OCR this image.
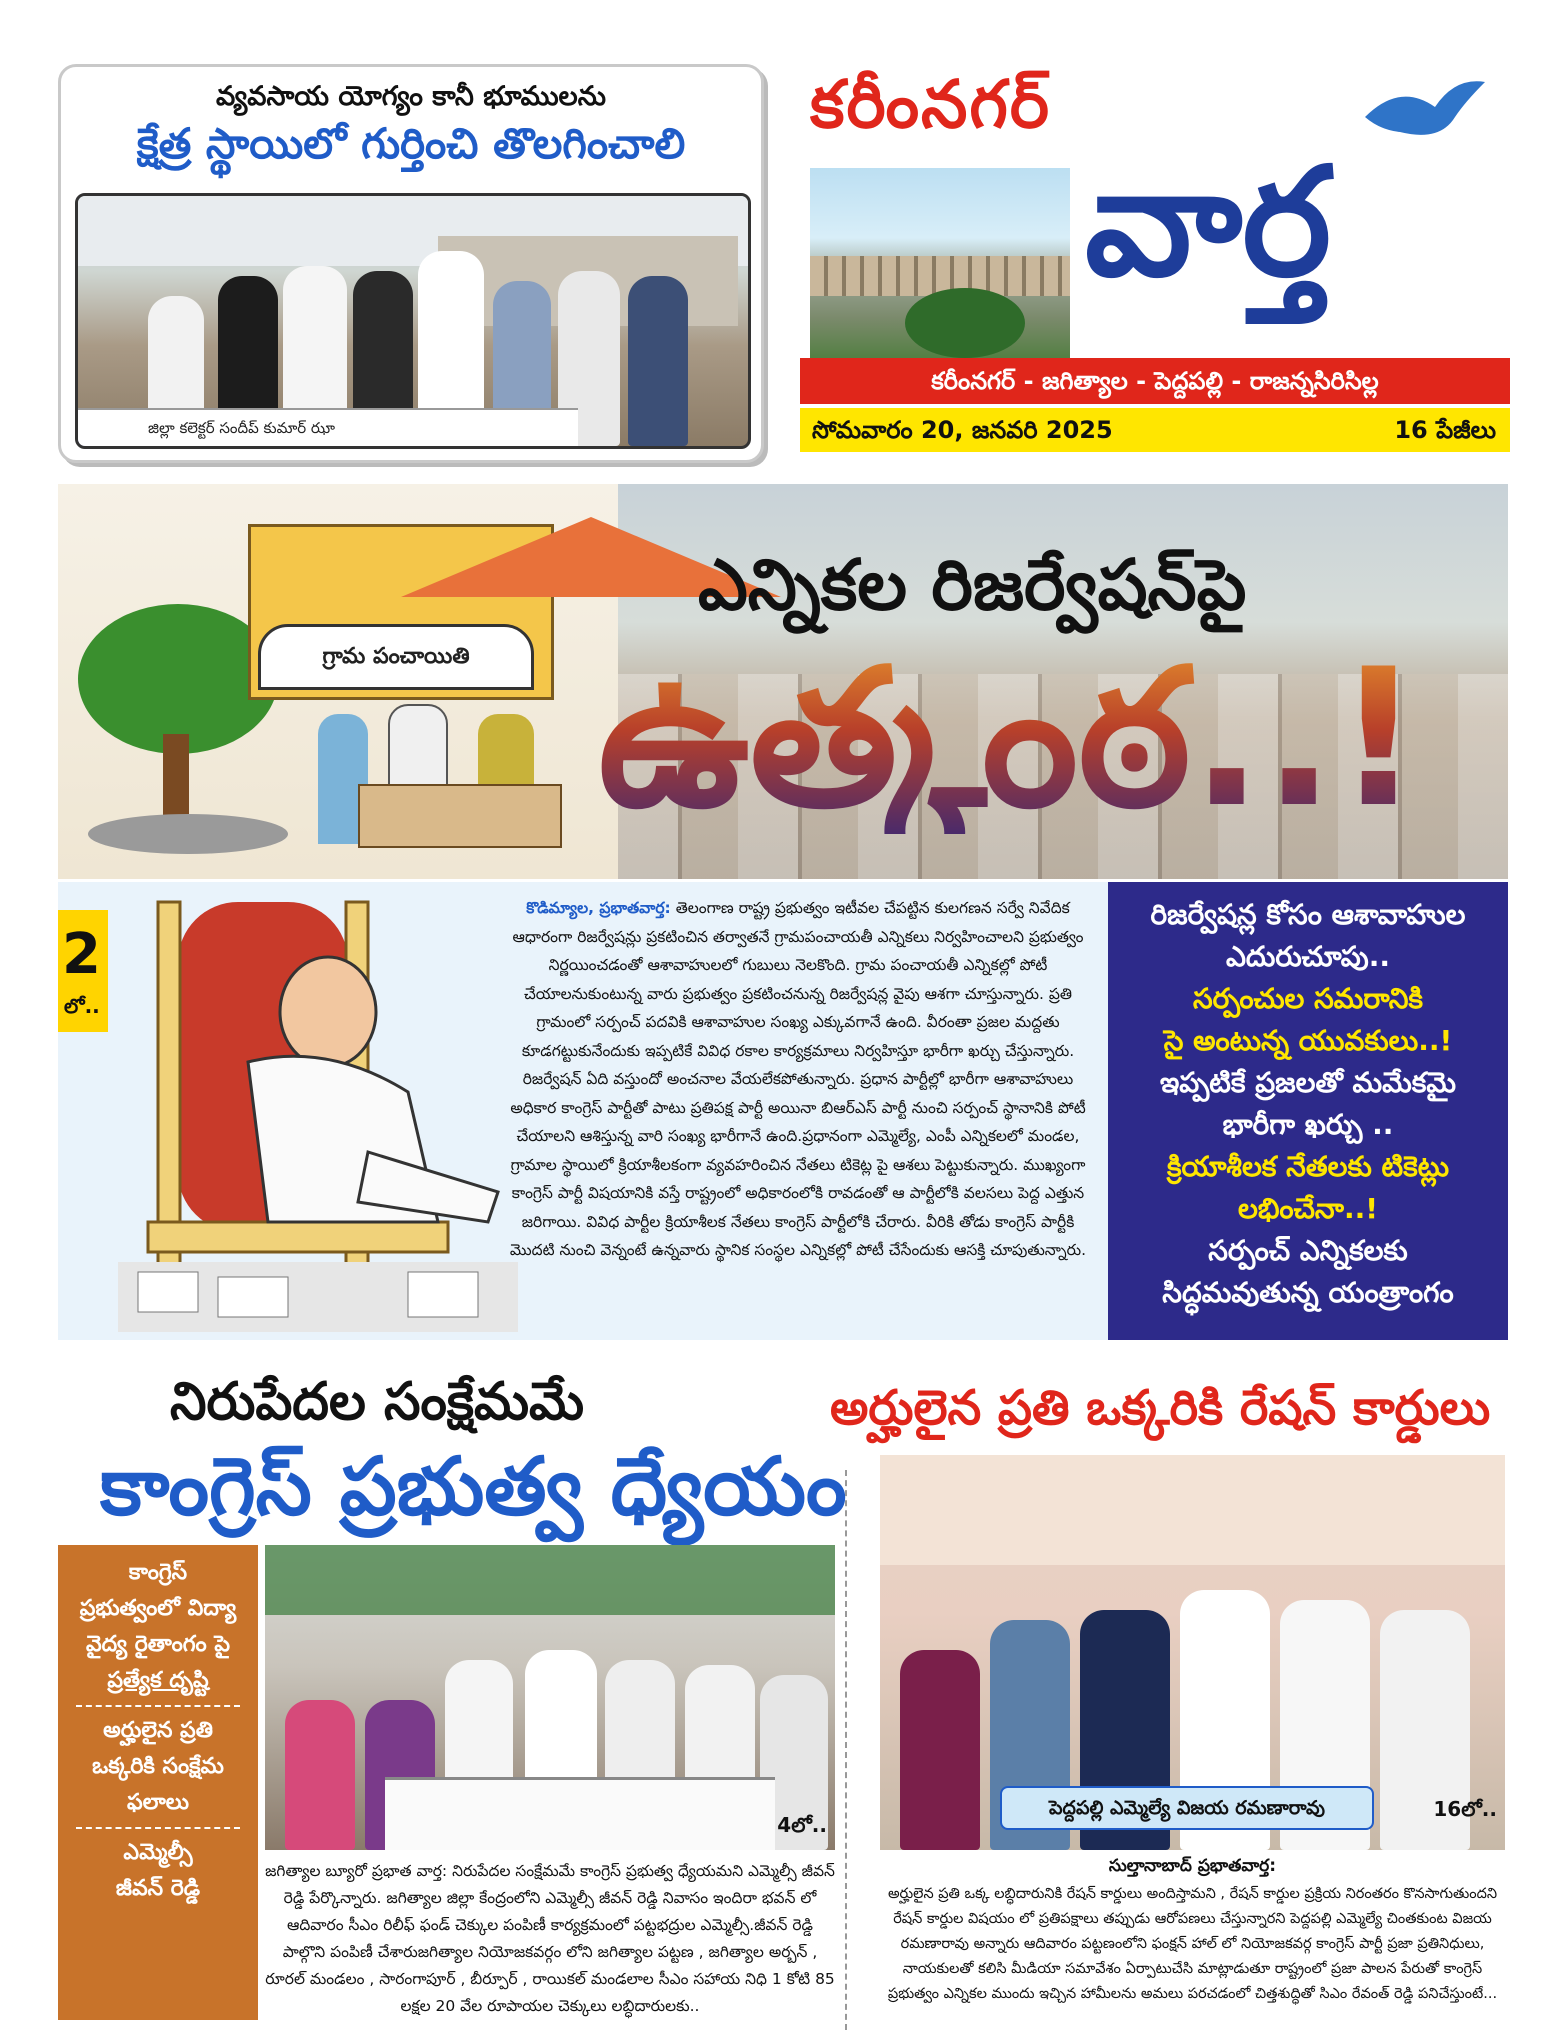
వ్యవసాయ యోగ్యం కానీ భూములను
క్షేత్ర స్థాయిలో గుర్తించి తొలగించాలి
జిల్లా కలెక్టర్ సందీప్ కుమార్ ఝా
కరీంనగర్
వార్త
కరీంనగర్ - జగిత్యాల - పెద్దపల్లి - రాజన్నసిరిసిల్ల
సోమవారం 20, జనవరి 2025	16 పేజీలు
గ్రామ పంచాయితి
ఎన్నికల రిజర్వేషన్‌పై
ఉత్కంఠ..!
2
లో..
కొడిమ్యాల, ప్రభాతవార్త: తెలంగాణ రాష్ట్ర ప్రభుత్వం ఇటీవల చేపట్టిన కులగణన సర్వే నివేదిక ఆధారంగా రిజర్వేషన్లు ప్రకటించిన తర్వాతనే గ్రామపంచాయతీ ఎన్నికలు నిర్వహించాలని ప్రభుత్వం నిర్ణయించడంతో ఆశావాహులలో గుబులు నెలకొంది. గ్రామ పంచాయతీ ఎన్నికల్లో పోటీ చేయాలనుకుంటున్న వారు ప్రభుత్వం ప్రకటించనున్న రిజర్వేషన్ల వైపు ఆశగా చూస్తున్నారు. ప్రతి గ్రామంలో సర్పంచ్ పదవికి ఆశావాహుల సంఖ్య ఎక్కువగానే ఉంది. వీరంతా ప్రజల మద్దతు కూడగట్టుకునేందుకు ఇప్పటికే వివిధ రకాల కార్యక్రమాలు నిర్వహిస్తూ భారీగా ఖర్చు చేస్తున్నారు. రిజర్వేషన్ ఏది వస్తుందో అంచనాల వేయలేకపోతున్నారు. ప్రధాన పార్టీల్లో భారీగా ఆశావాహులు అధికార కాంగ్రెస్ పార్టీతో పాటు ప్రతిపక్ష పార్టీ అయినా బిఆర్ఎస్ పార్టీ నుంచి సర్పంచ్ స్థానానికి పోటీ చేయాలని ఆశిస్తున్న వారి సంఖ్య భారీగానే ఉంది.ప్రధానంగా ఎమ్మెల్యే, ఎంపీ ఎన్నికలలో మండల, గ్రామాల స్థాయిలో క్రియాశీలకంగా వ్యవహరించిన నేతలు టికెట్ల పై ఆశలు పెట్టుకున్నారు. ముఖ్యంగా కాంగ్రెస్ పార్టీ విషయానికి వస్తే రాష్ట్రంలో అధికారంలోకి రావడంతో ఆ పార్టీలోకి వలసలు పెద్ద ఎత్తున జరిగాయి. వివిధ పార్టీల క్రియాశీలక నేతలు కాంగ్రెస్ పార్టీలోకి చేరారు. వీరికి తోడు కాంగ్రెస్ పార్టీకి మొదటి నుంచి వెన్నంటే ఉన్నవారు స్థానిక సంస్థల ఎన్నికల్లో పోటీ చేసేందుకు ఆసక్తి చూపుతున్నారు.

రిజర్వేషన్ల కోసం ఆశావాహుల

ఎదురుచూపు..

సర్పంచుల సమరానికి

సై అంటున్న యువకులు..!

ఇప్పటికే ప్రజలతో మమేకమై

భారీగా ఖర్చు ..

క్రియాశీలక నేతలకు టికెట్లు

లభించేనా..!

సర్పంచ్ ఎన్నికలకు

సిద్ధమవుతున్న యంత్రాంగం

నిరుపేదల సంక్షేమమే
కాంగ్రెస్ ప్రభుత్వ ధ్యేయం

కాంగ్రెస్

ప్రభుత్వంలో విద్యా

వైద్య రైతాంగం పై

ప్రత్యేక దృష్టి

అర్హులైన ప్రతి

ఒక్కరికి సంక్షేమ

ఫలాలు

ఎమ్మెల్సీ

జీవన్ రెడ్డి

4లో..
జగిత్యాల బ్యూరో ప్రభాత వార్త: నిరుపేదల సంక్షేమమే కాంగ్రెస్ ప్రభుత్వ ధ్యేయమని ఎమ్మెల్సీ జీవన్ రెడ్డి పేర్కొన్నారు. జగిత్యాల జిల్లా కేంద్రంలోని ఎమ్మెల్సీ జీవన్ రెడ్డి నివాసం ఇందిరా భవన్ లో ఆదివారం సీఎం రిలీఫ్ ఫండ్ చెక్కుల పంపిణీ కార్యక్రమంలో పట్టభద్రుల ఎమ్మెల్సీ.జీవన్ రెడ్డి పాల్గొని పంపిణీ చేశారుజగిత్యాల నియోజకవర్గం లోని జగిత్యాల పట్టణ , జగిత్యాల అర్బన్ , రూరల్ మండలం , సారంగాపూర్ , బీర్పూర్ , రాయికల్ మండలాల సీఎం సహాయ నిధి 1 కోటి 85 లక్షల 20 వేల రూపాయల చెక్కులు లబ్ధిదారులకు..
అర్హులైన ప్రతి ఒక్కరికి రేషన్ కార్డులు
పెద్దపల్లి ఎమ్మెల్యే విజయ రమణారావు	16లో..
సుల్తానాబాద్ ప్రభాతవార్త:
అర్హులైన ప్రతి ఒక్క లబ్ధిదారునికి రేషన్ కార్డులు అందిస్తామని , రేషన్ కార్డుల ప్రక్రియ నిరంతరం కొనసాగుతుందని రేషన్ కార్డుల విషయం లో ప్రతిపక్షాలు తప్పుడు ఆరోపణలు చేస్తున్నారని పెద్దపల్లి ఎమ్మెల్యే చింతకుంట విజయ రమణారావు అన్నారు ఆదివారం పట్టణంలోని ఫంక్షన్ హాల్ లో నియోజకవర్గ కాంగ్రెస్ పార్టీ ప్రజా ప్రతినిధులు, నాయకులతో కలిసి మీడియా సమావేశం ఏర్పాటుచేసి మాట్లాడుతూ రాష్ట్రంలో ప్రజా పాలన పేరుతో కాంగ్రెస్ ప్రభుత్వం ఎన్నికల ముందు ఇచ్చిన హామీలను అమలు పరచడంలో చిత్తశుద్ధితో సిఎం రేవంత్ రెడ్డి పనిచేస్తుంటే...
